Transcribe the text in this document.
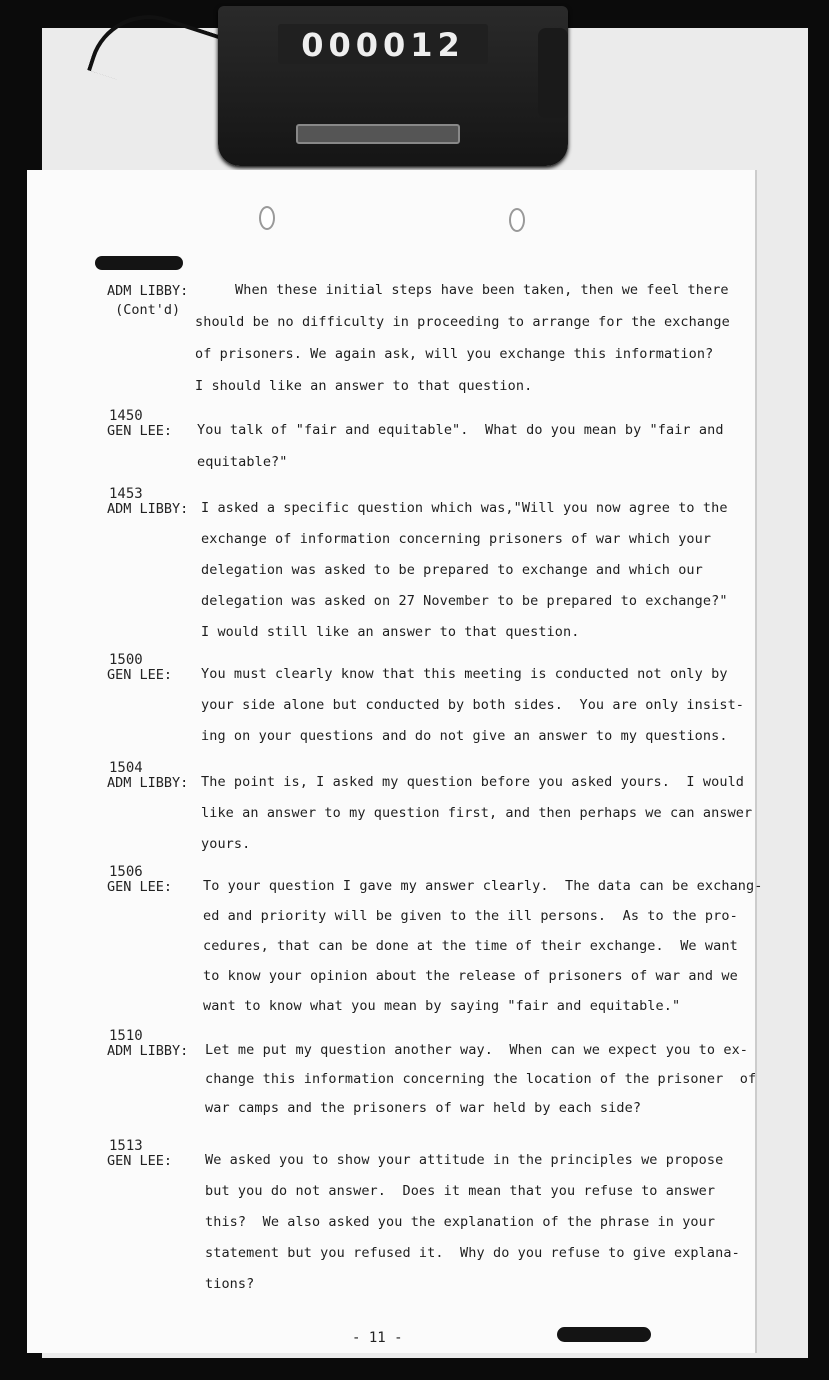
000012
ADM LIBBY:
(Cont'd)
When these initial steps have been taken, then we feel there
should be no difficulty in proceeding to arrange for the exchange
of prisoners. We again ask, will you exchange this information?
I should like an answer to that question.
1450
GEN LEE: You talk of "fair and equitable".  What do you mean by "fair and
equitable?"
1453
ADM LIBBY: I asked a specific question which was,"Will you now agree to the
exchange of information concerning prisoners of war which your
delegation was asked to be prepared to exchange and which our
delegation was asked on 27 November to be prepared to exchange?"
I would still like an answer to that question.
1500
GEN LEE: You must clearly know that this meeting is conducted not only by
your side alone but conducted by both sides.  You are only insist-
ing on your questions and do not give an answer to my questions.
1504
ADM LIBBY: The point is, I asked my question before you asked yours.  I would
like an answer to my question first, and then perhaps we can answer
yours.
1506
GEN LEE: To your question I gave my answer clearly.  The data can be exchang-
ed and priority will be given to the ill persons.  As to the pro-
cedures, that can be done at the time of their exchange.  We want
to know your opinion about the release of prisoners of war and we
want to know what you mean by saying "fair and equitable."
1510
ADM LIBBY: Let me put my question another way.  When can we expect you to ex-
change this information concerning the location of the prisoner  of
war camps and the prisoners of war held by each side?
1513
GEN LEE: We asked you to show your attitude in the principles we propose
but you do not answer.  Does it mean that you refuse to answer
this?  We also asked you the explanation of the phrase in your
statement but you refused it.  Why do you refuse to give explana-
tions?
- 11 -
